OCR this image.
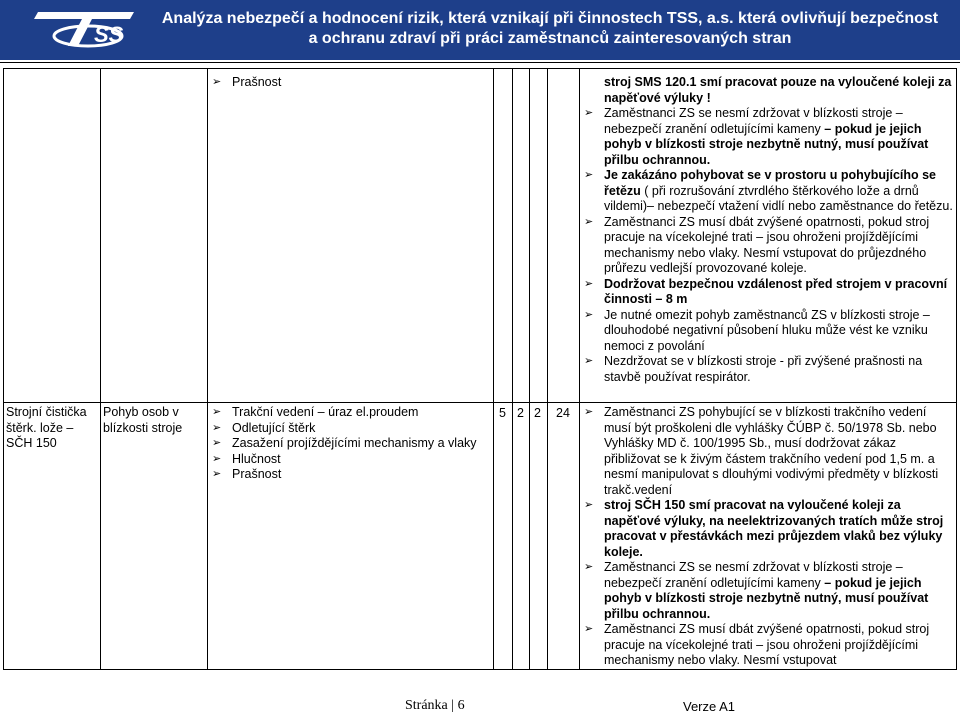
SS
Analýza nebezpečí a hodnocení rizik, která vznikají při činnostech TSS, a.s. která ovlivňují bezpečnost
a ochranu zdraví při práci zaměstnanců zainteresovaných stran
➢ Prašnost	stroj SMS 120.1 smí pracovat pouze na vyloučené koleji za napěťové výluky !
➢ Zaměstnanci ZS se nesmí zdržovat v blízkosti stroje – nebezpečí zranění odletujícími kameny – pokud je jejich pohyb v blízkosti stroje nezbytně nutný, musí používat přilbu ochrannou.
➢ Je zakázáno pohybovat se v prostoru u pohybujícího se řetězu ( při rozrušování ztvrdlého štěrkového lože a drnů vildemi)– nebezpečí vtažení vidlí nebo zaměstnance do řetězu.
➢ Zaměstnanci ZS musí dbát zvýšené opatrnosti, pokud stroj pracuje na vícekolejné trati – jsou ohroženi projíždějícími mechanismy nebo vlaky. Nesmí vstupovat do průjezdného průřezu vedlejší provozované koleje.
➢ Dodržovat bezpečnou vzdálenost před strojem v pracovní činnosti – 8 m
➢ Je nutné omezit pohyb zaměstnanců ZS v blízkosti stroje – dlouhodobé negativní působení hluku může vést ke vzniku nemoci z povolání
➢ Nezdržovat se v blízkosti stroje - při zvýšené prašnosti na stavbě používat respirátor.
Strojní čistička štěrk. lože – SČH 150
Pohyb osob v blízkosti stroje
➢ Trakční vedení – úraz el.proudem
➢ Odletující štěrk
➢ Zasažení projíždějícími mechanismy a vlaky
➢ Hlučnost
➢ Prašnost
5 2 2 24 ➢ Zaměstnanci ZS pohybující se v blízkosti trakčního vedení musí být proškoleni dle vyhlášky ČÚBP č. 50/1978 Sb. nebo Vyhlášky MD č. 100/1995 Sb., musí dodržovat zákaz přibližovat se k živým částem trakčního vedení pod 1,5 m. a nesmí manipulovat s dlouhými vodivými předměty v blízkosti trakč.vedení
➢ stroj SČH 150 smí pracovat na vyloučené koleji za napěťové výluky, na neelektrizovaných tratích může stroj pracovat v přestávkách mezi průjezdem vlaků bez výluky koleje.
➢ Zaměstnanci ZS se nesmí zdržovat v blízkosti stroje – nebezpečí zranění odletujícími kameny – pokud je jejich pohyb v blízkosti stroje nezbytně nutný, musí používat přilbu ochrannou.
➢ Zaměstnanci ZS musí dbát zvýšené opatrnosti, pokud stroj pracuje na vícekolejné trati – jsou ohroženi projíždějícími mechanismy nebo vlaky. Nesmí vstupovat
Stránka | 6	Verze A1
